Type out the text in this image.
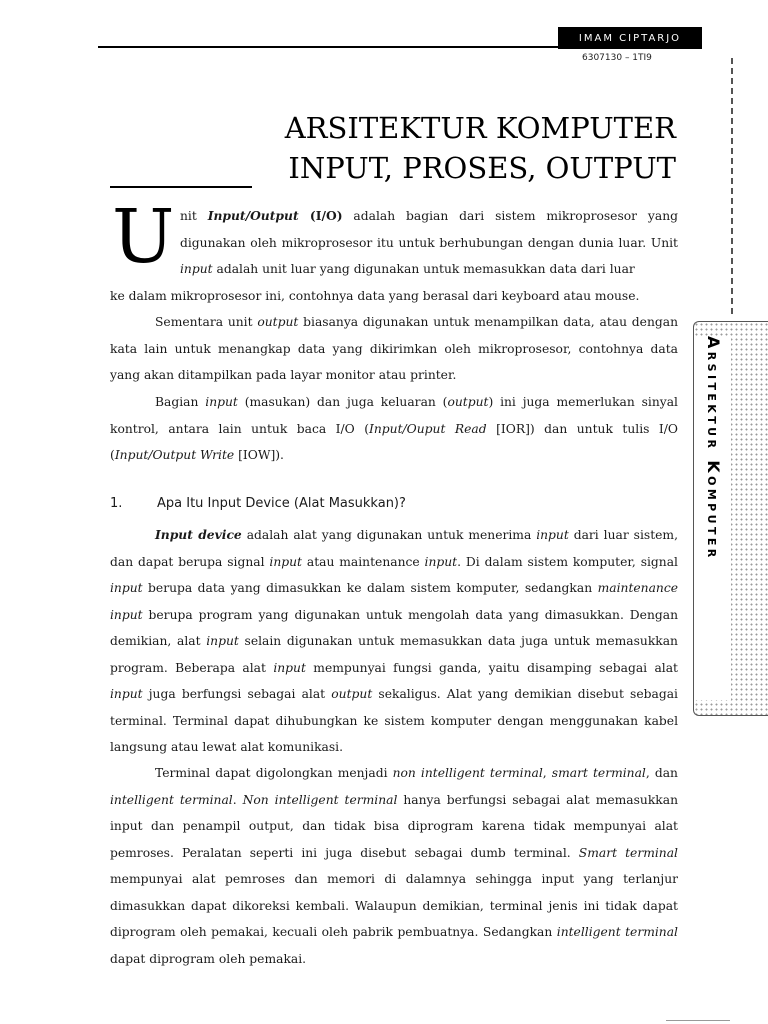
IMAM CIPTARJO
6307130 – 1TI9
Arsitektur Komputer
ARSITEKTUR KOMPUTER
INPUT, PROSES, OUTPUT
U nit Input/Output (I/O) adalah bagian dari sistem mikroprosesor yang digunakan oleh mikroprosesor itu untuk berhubungan dengan dunia luar. Unit input adalah unit luar yang digunakan untuk memasukkan data dari luar

ke dalam mikroprosesor ini, contohnya data yang berasal dari keyboard atau mouse.

Sementara unit output biasanya digunakan untuk menampilkan data, atau dengan kata lain untuk menangkap data yang dikirimkan oleh mikroprosesor, contohnya data yang akan ditampilkan pada layar monitor atau printer.

Bagian input (masukan) dan juga keluaran (output) ini juga memerlukan sinyal kontrol, antara lain untuk baca I/O (Input/Ouput Read [IOR]) dan untuk tulis I/O (Input/Output Write [IOW]).

1.	Apa Itu Input Device (Alat Masukkan)?

Input device adalah alat yang digunakan untuk menerima input dari luar sistem, dan dapat berupa signal input atau maintenance input. Di dalam sistem komputer, signal input berupa data yang dimasukkan ke dalam sistem komputer, sedangkan maintenance input berupa program yang digunakan untuk mengolah data yang dimasukkan. Dengan demikian, alat input selain digunakan untuk memasukkan data juga untuk memasukkan program. Beberapa alat input mempunyai fungsi ganda, yaitu disamping sebagai alat input juga berfungsi sebagai alat output sekaligus. Alat yang demikian disebut sebagai terminal. Terminal dapat dihubungkan ke sistem komputer dengan menggunakan kabel langsung atau lewat alat komunikasi.

Terminal dapat digolongkan menjadi non intelligent terminal, smart terminal, dan intelligent terminal. Non intelligent terminal hanya berfungsi sebagai alat memasukkan input dan penampil output, dan tidak bisa diprogram karena tidak mempunyai alat pemroses. Peralatan seperti ini juga disebut sebagai dumb terminal. Smart terminal mempunyai alat pemroses dan memori di dalamnya sehingga input yang terlanjur dimasukkan dapat dikoreksi kembali. Walaupun demikian, terminal jenis ini tidak dapat diprogram oleh pemakai, kecuali oleh pabrik pembuatnya. Sedangkan intelligent terminal dapat diprogram oleh pemakai.
